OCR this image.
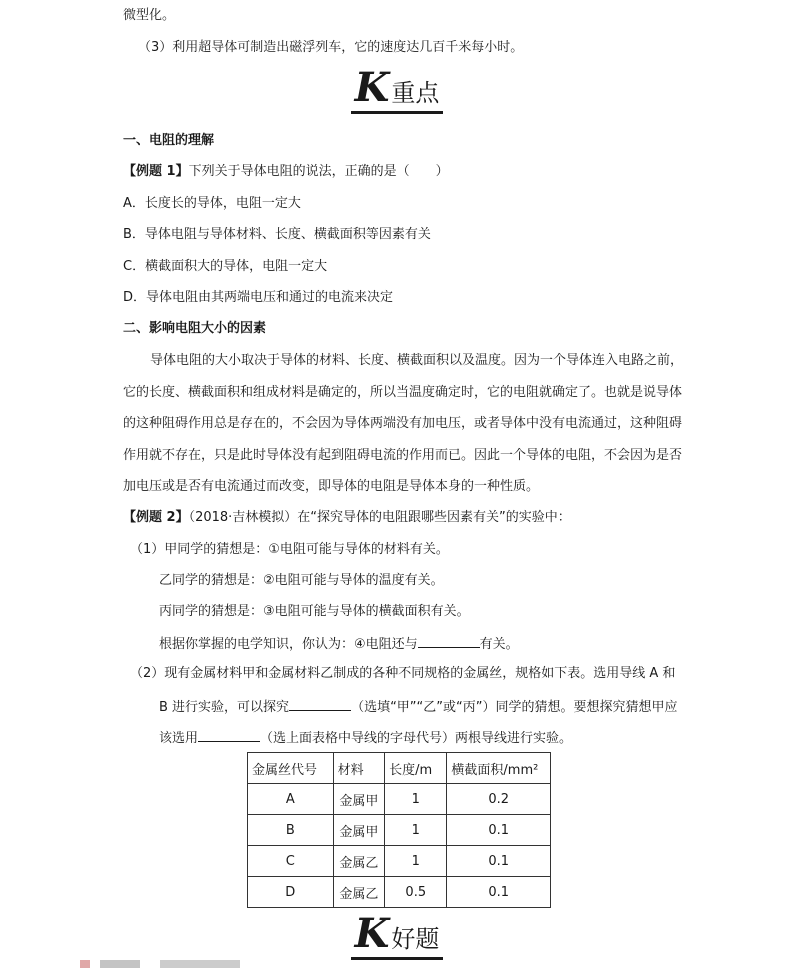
微型化。
（3）利用超导体可制造出磁浮列车，它的速度达几百千米每小时。
K重点
一、电阻的理解
【例题 1】下列关于导体电阻的说法，正确的是（　　）
A．长度长的导体，电阻一定大
B．导体电阻与导体材料、长度、横截面积等因素有关
C．横截面积大的导体，电阻一定大
D．导体电阻由其两端电压和通过的电流来决定
二、影响电阻大小的因素
导体电阻的大小取决于导体的材料、长度、横截面积以及温度。因为一个导体连入电路之前，
它的长度、横截面积和组成材料是确定的，所以当温度确定时，它的电阻就确定了。也就是说导体
的这种阻碍作用总是存在的，不会因为导体两端没有加电压，或者导体中没有电流通过，这种阻碍
作用就不存在，只是此时导体没有起到阻碍电流的作用而已。因此一个导体的电阻，不会因为是否
加电压或是否有电流通过而改变，即导体的电阻是导体本身的一种性质。
【例题 2】（2018·吉林模拟）在“探究导体的电阻跟哪些因素有关”的实验中：
（1）甲同学的猜想是：①电阻可能与导体的材料有关。
乙同学的猜想是：②电阻可能与导体的温度有关。
丙同学的猜想是：③电阻可能与导体的横截面积有关。
根据你掌握的电学知识，你认为：④电阻还与	有关。
（2）现有金属材料甲和金属材料乙制成的各种不同规格的金属丝，规格如下表。选用导线 A 和
B 进行实验，可以探究	（选填“甲”“乙”或“丙”）同学的猜想。要想探究猜想甲应
该选用	（选上面表格中导线的字母代号）两根导线进行实验。
金属丝代号	材料	长度/m	横截面积/mm²
A	金属甲	1	0.2
B	金属甲	1	0.1
C	金属乙	1	0.1
D	金属乙	0.5	0.1
K好题
